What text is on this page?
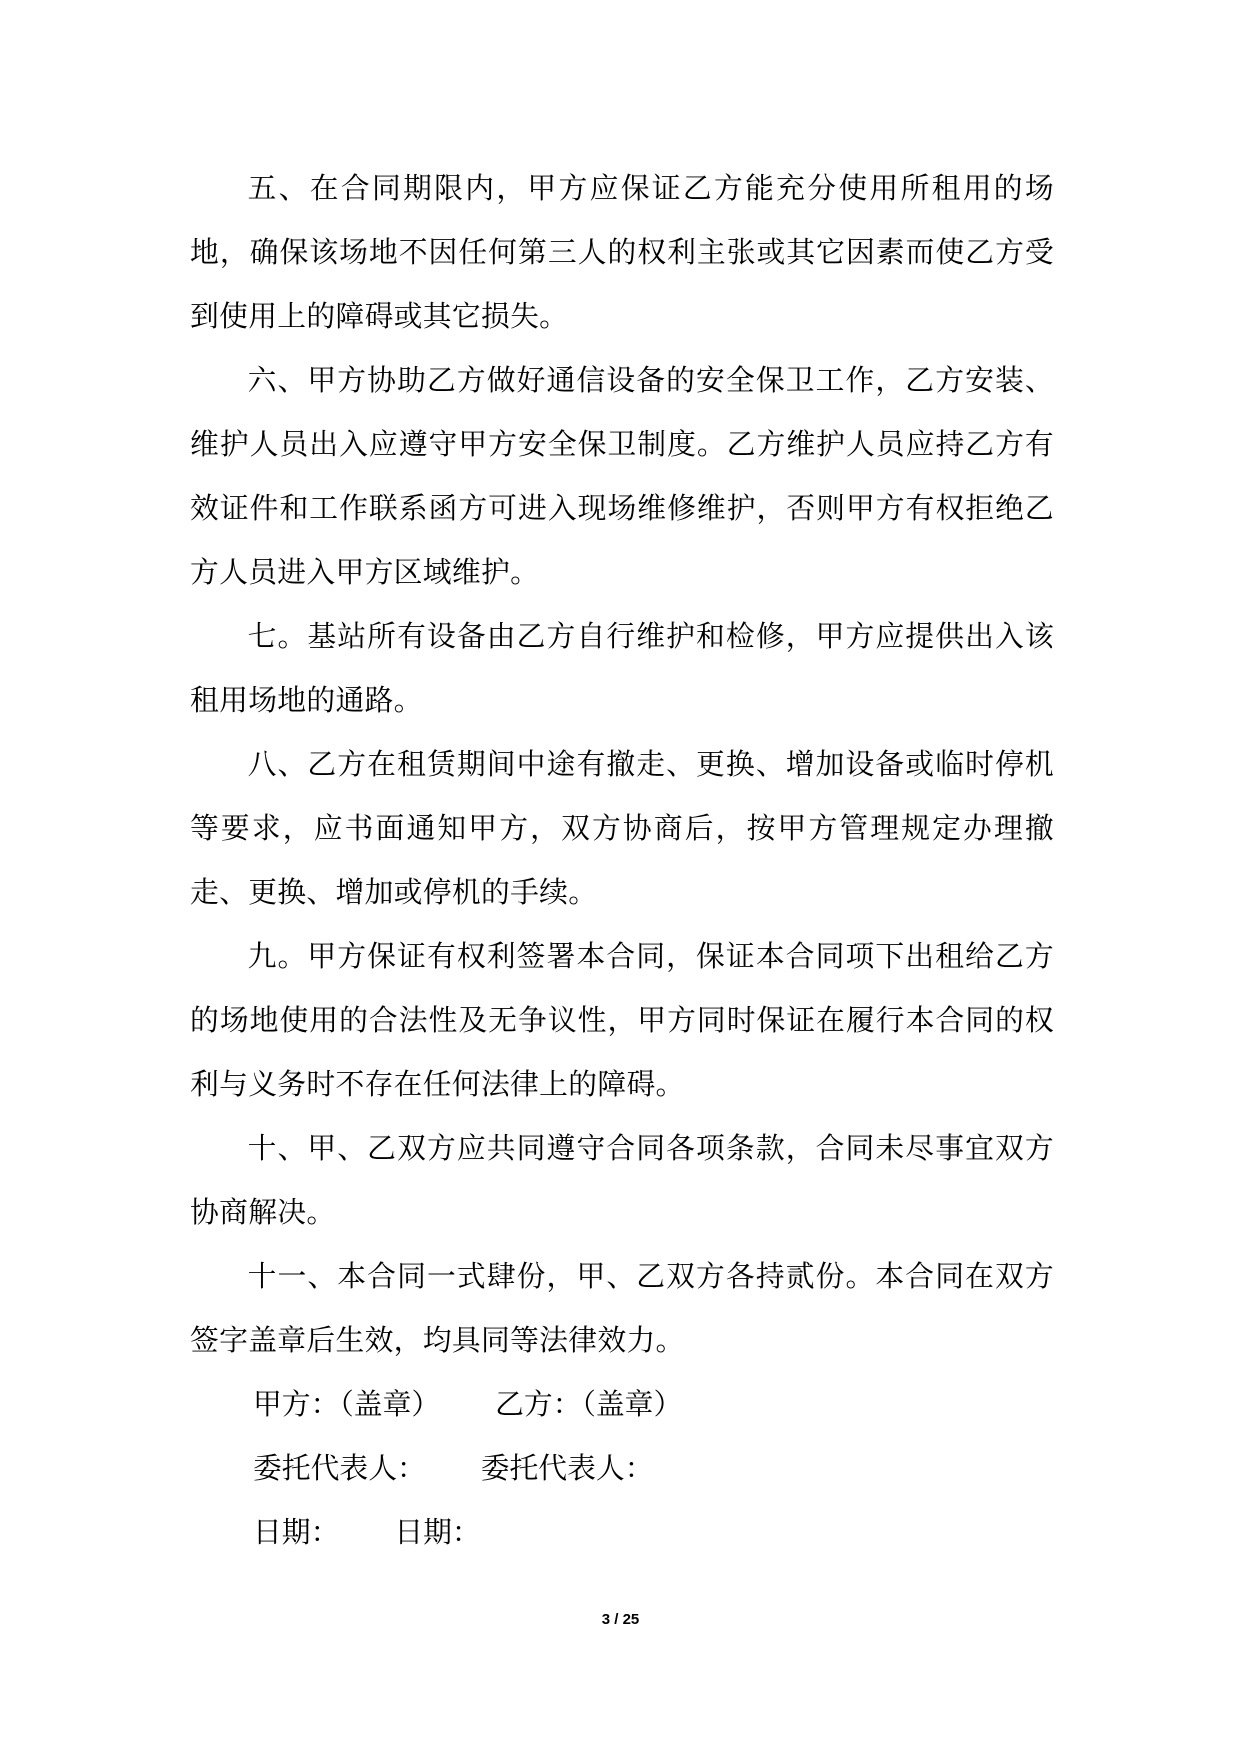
五、在合同期限内，甲方应保证乙方能充分使用所租用的场地，确保该场地不因任何第三人的权利主张或其它因素而使乙方受到使用上的障碍或其它损失。

六、甲方协助乙方做好通信设备的安全保卫工作，乙方安装、维护人员出入应遵守甲方安全保卫制度。乙方维护人员应持乙方有效证件和工作联系函方可进入现场维修维护，否则甲方有权拒绝乙方人员进入甲方区域维护。

七。基站所有设备由乙方自行维护和检修，甲方应提供出入该租用场地的通路。

八、乙方在租赁期间中途有撤走、更换、增加设备或临时停机等要求，应书面通知甲方，双方协商后，按甲方管理规定办理撤走、更换、增加或停机的手续。

九。甲方保证有权利签署本合同，保证本合同项下出租给乙方的场地使用的合法性及无争议性，甲方同时保证在履行本合同的权利与义务时不存在任何法律上的障碍。

十、甲、乙双方应共同遵守合同各项条款，合同未尽事宜双方协商解决。

十一、本合同一式肆份，甲、乙双方各持贰份。本合同在双方签字盖章后生效，均具同等法律效力。

甲方：（盖章）      乙方：（盖章）

委托代表人：      委托代表人：

日期：      日期：

3 / 25
